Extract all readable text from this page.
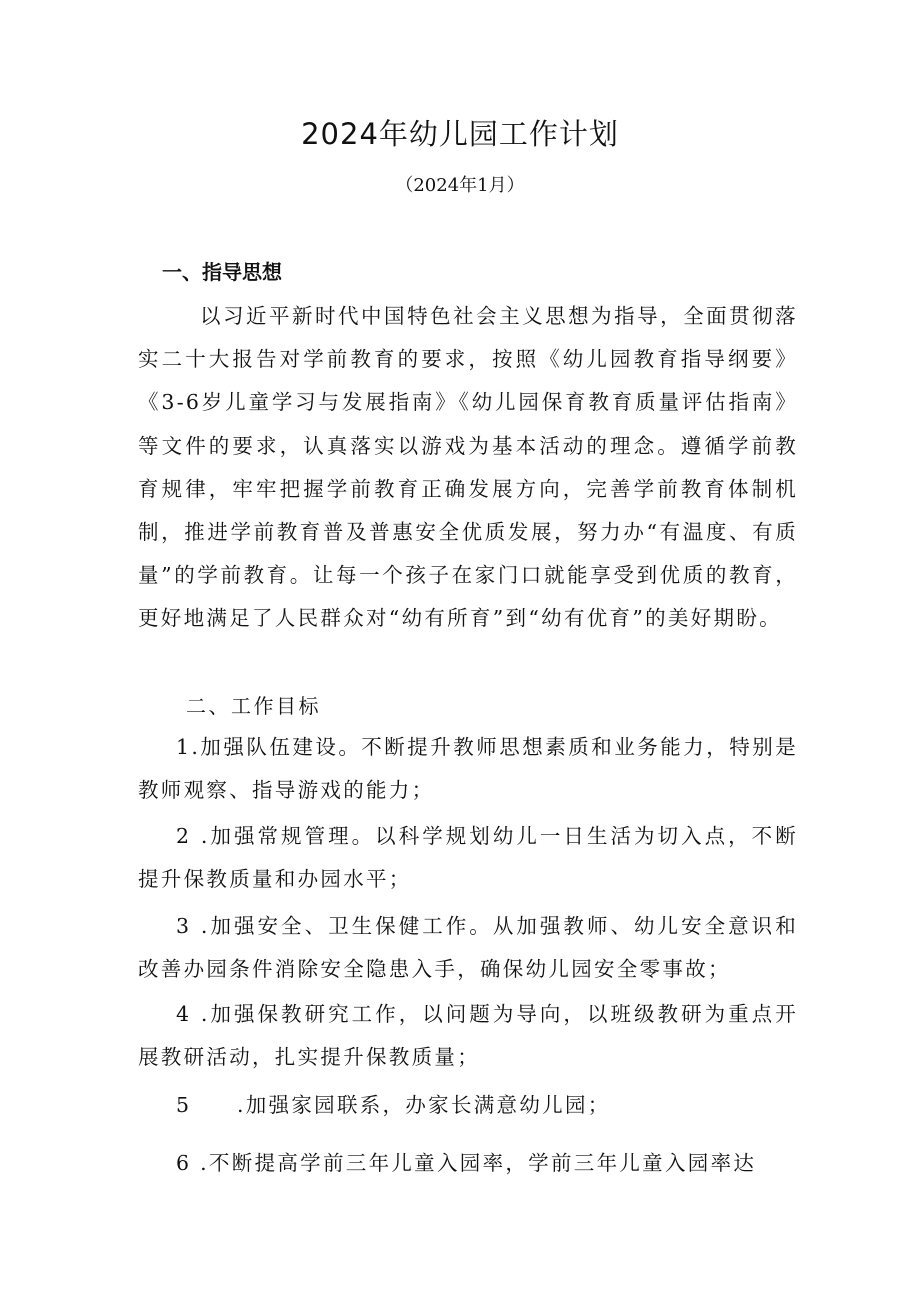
2024年幼儿园工作计划
（2024年1月）
一、指导思想

以习近平新时代中国特色社会主义思想为指导，全面贯彻落实二十大报告对学前教育的要求，按照《幼儿园教育指导纲要》《3-6岁儿童学习与发展指南》《幼儿园保育教育质量评估指南》等文件的要求，认真落实以游戏为基本活动的理念。遵循学前教育规律，牢牢把握学前教育正确发展方向，完善学前教育体制机制，推进学前教育普及普惠安全优质发展，努力办“有温度、有质量”的学前教育。让每一个孩子在家门口就能享受到优质的教育，更好地满足了人民群众对“幼有所育”到“幼有优育”的美好期盼。

二、工作目标

1.加强队伍建设。不断提升教师思想素质和业务能力，特别是教师观察、指导游戏的能力；

2 .加强常规管理。以科学规划幼儿一日生活为切入点，不断提升保教质量和办园水平；

3 .加强安全、卫生保健工作。从加强教师、幼儿安全意识和改善办园条件消除安全隐患入手，确保幼儿园安全零事故；

4 .加强保教研究工作，以问题为导向，以班级教研为重点开展教研活动，扎实提升保教质量；

5　　.加强家园联系，办家长满意幼儿园；

6 .不断提高学前三年儿童入园率，学前三年儿童入园率达
